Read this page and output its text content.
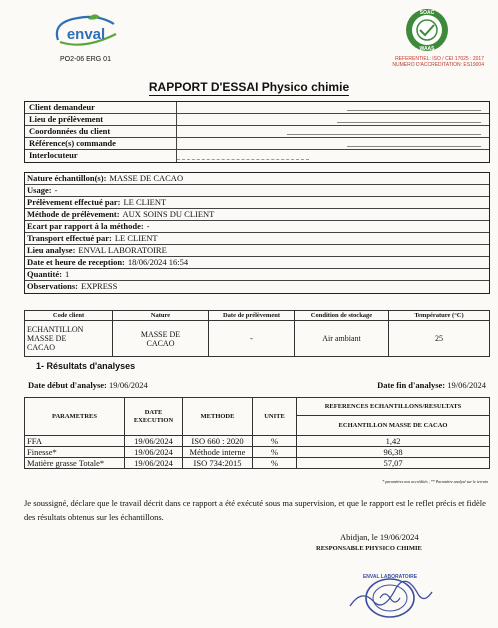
enval
PO2-06 ERG 01
SOAC
WAAS
REFERENTIEL: ISO / CEI 17025 : 2017
NUMERO D'ACCREDITATION: ES19004
RAPPORT D'ESSAI Physico chimie
Client demandeur
Lieu de prélèvement
Coordonnées du client
Référence(s) commande
Interlocuteur
Nature échantillon(s): MASSE DE CACAO
Usage: -
Prélèvement effectué par: LE CLIENT
Méthode de prélèvement: AUX SOINS DU CLIENT
Ecart par rapport à la méthode: -
Transport effectué par: LE CLIENT
Lieu analyse: ENVAL LABORATOIRE
Date et heure de reception: 18/06/2024 16:54
Quantité: 1
Observations: EXPRESS
Code client	Nature	Date de prélèvement	Condition de stockage	Température (°C)
ECHANTILLON MASSE DE CACAO	MASSE DE CACAO	-	Air ambiant	25
1- Résultats d'analyses
Date début d'analyse: 19/06/2024	Date fin d'analyse: 19/06/2024
PARAMETRES	DATE EXECUTION	METHODE	UNITE	REFERENCES ECHANTILLONS/RESULTATS
				ECHANTILLON MASSE DE CACAO
FFA	19/06/2024	ISO 660 : 2020	%	1,42
Finesse*	19/06/2024	Méthode interne	%	96,38
Matière grasse Totale*	19/06/2024	ISO 734:2015	%	57,07
* paramètres non accrédités , ** Paramètre analysé sur le terrain
Je soussigné, déclare que le travail décrit dans ce rapport a été exécuté sous ma supervision, et que le rapport est le reflet précis et fidèle des résultats obtenus sur les échantillons.
Abidjan, le 19/06/2024
RESPONSABLE PHYSICO CHIMIE
ENVAL LABORATOIRE
